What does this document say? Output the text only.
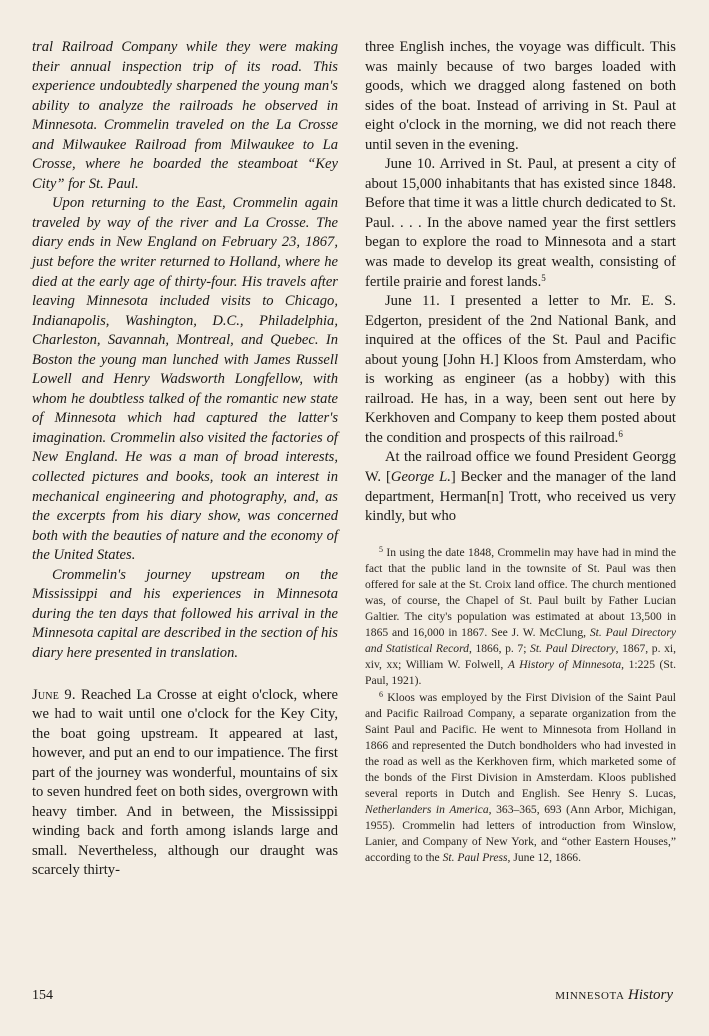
tral Railroad Company while they were making their annual inspection trip of its road. This experience undoubtedly sharpened the young man's ability to analyze the railroads he observed in Minnesota. Crommelin traveled on the La Crosse and Milwaukee Railroad from Milwaukee to La Crosse, where he boarded the steamboat “Key City” for St. Paul.

Upon returning to the East, Crommelin again traveled by way of the river and La Crosse. The diary ends in New England on February 23, 1867, just before the writer returned to Holland, where he died at the early age of thirty-four. His travels after leaving Minnesota included visits to Chicago, Indianapolis, Washington, D.C., Philadelphia, Charleston, Savannah, Montreal, and Quebec. In Boston the young man lunched with James Russell Lowell and Henry Wadsworth Longfellow, with whom he doubtless talked of the romantic new state of Minnesota which had captured the latter's imagination. Crommelin also visited the factories of New England. He was a man of broad interests, collected pictures and books, took an interest in mechanical engineering and photography, and, as the excerpts from his diary show, was concerned both with the beauties of nature and the economy of the United States.

Crommelin's journey upstream on the Mississippi and his experiences in Minnesota during the ten days that followed his arrival in the Minnesota capital are described in the section of his diary here presented in translation.

June 9. Reached La Crosse at eight o'clock, where we had to wait until one o'clock for the Key City, the boat going upstream. It appeared at last, however, and put an end to our impatience. The first part of the journey was wonderful, mountains of six to seven hundred feet on both sides, overgrown with heavy timber. And in between, the Mississippi winding back and forth among islands large and small. Nevertheless, although our draught was scarcely thirty-

three English inches, the voyage was difficult. This was mainly because of two barges loaded with goods, which we dragged along fastened on both sides of the boat. Instead of arriving in St. Paul at eight o'clock in the morning, we did not reach there until seven in the evening.

June 10. Arrived in St. Paul, at present a city of about 15,000 inhabitants that has existed since 1848. Before that time it was a little church dedicated to St. Paul. . . . In the above named year the first settlers began to explore the road to Minnesota and a start was made to develop its great wealth, consisting of fertile prairie and forest lands.$^5$

June 11. I presented a letter to Mr. E. S. Edgerton, president of the 2nd National Bank, and inquired at the offices of the St. Paul and Pacific about young [John H.] Kloos from Amsterdam, who is working as engineer (as a hobby) with this railroad. He has, in a way, been sent out here by Kerkhoven and Company to keep them posted about the condition and prospects of this railroad.$^6$

At the railroad office we found President Georgg W. [George L.] Becker and the manager of the land department, Herman[n] Trott, who received us very kindly, but who

$^5$ In using the date 1848, Crommelin may have had in mind the fact that the public land in the townsite of St. Paul was then offered for sale at the St. Croix land office. The church mentioned was, of course, the Chapel of St. Paul built by Father Lucian Galtier. The city's population was estimated at about 13,500 in 1865 and 16,000 in 1867. See J. W. McClung, St. Paul Directory and Statistical Record, 1866, p. 7; St. Paul Directory, 1867, p. xi, xiv, xx; William W. Folwell, A History of Minnesota, 1:225 (St. Paul, 1921).

$^6$ Kloos was employed by the First Division of the Saint Paul and Pacific Railroad Company, a separate organization from the Saint Paul and Pacific. He went to Minnesota from Holland in 1866 and represented the Dutch bondholders who had invested in the road as well as the Kerkhoven firm, which marketed some of the bonds of the First Division in Amsterdam. Kloos published several reports in Dutch and English. See Henry S. Lucas, Netherlanders in America, 363–365, 693 (Ann Arbor, Michigan, 1955). Crommelin had letters of introduction from Winslow, Lanier, and Company of New York, and “other Eastern Houses,” according to the St. Paul Press, June 12, 1866.

154	MINNESOTA History
